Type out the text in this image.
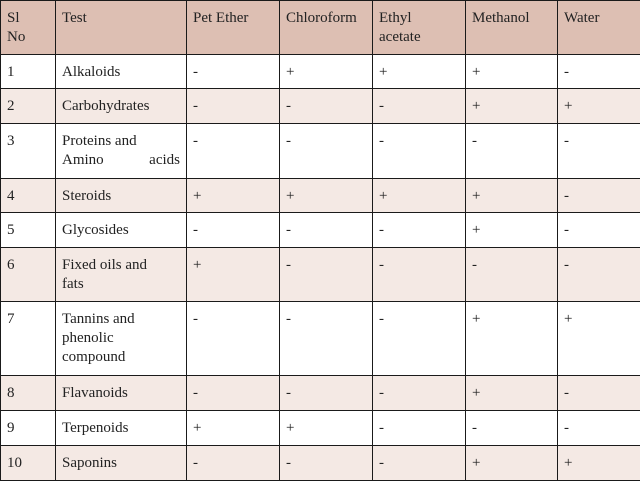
Sl No	Test	Pet Ether	Chloroform	Ethyl acetate	Methanol	Water
1	Alkaloids	-	+	+	+	-
2	Carbohydrates	-	-	-	+	+
3	Proteins and Amino acids	-	-	-	-	-
4	Steroids	+	+	+	+	-
5	Glycosides	-	-	-	+	-
6	Fixed oils and fats	+	-	-	-	-
7	Tannins and phenolic compound	-	-	-	+	+
8	Flavanoids	-	-	-	+	-
9	Terpenoids	+	+	-	-	-
10	Saponins	-	-	-	+	+
